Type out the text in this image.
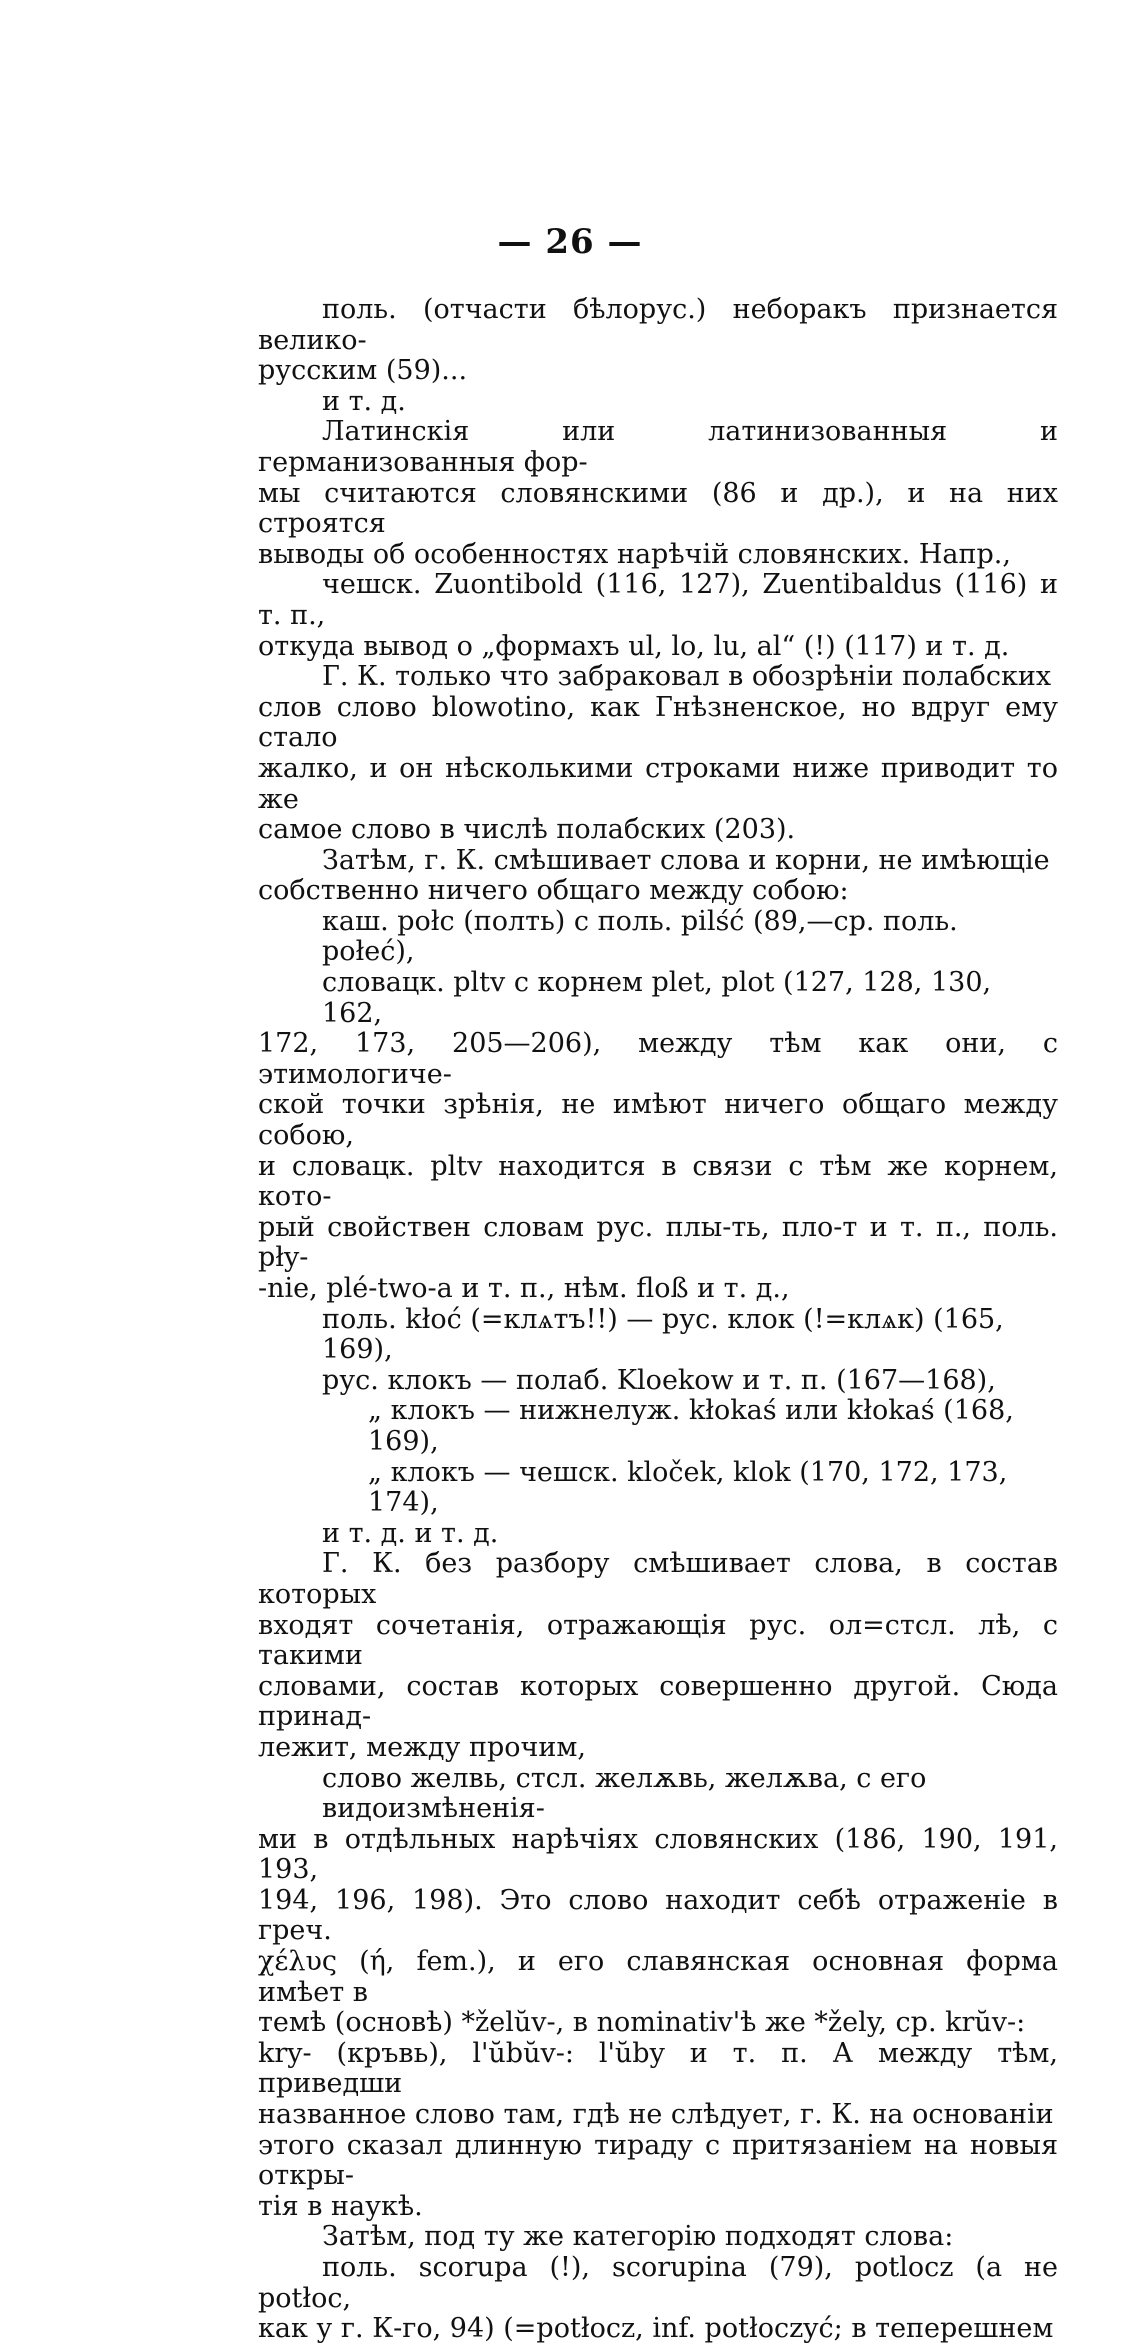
— 26 —

поль. (отчасти бѣлорус.) неборакъ признается велико-

русским (59)...

и т. д.

Латинскія или латинизованныя и германизованныя фор-

мы считаются словянскими (86 и др.), и на них строятся

выводы об особенностях нарѣчій словянских. Напр.,

чешск. Zuontibold (116, 127), Zuentibaldus (116) и т. п.,

откуда вывод о „формахъ ul, lo, lu, al“ (!) (117) и т. д.

Г. К. только что забраковал в обозрѣніи полабских

слов слово blowotino, как Гнѣзненское, но вдруг ему стало

жалко, и он нѣсколькими строками ниже приводит то же

самое слово в числѣ полабских (203).

Затѣм, г. К. смѣшивает слова и корни, не имѣющіе

собственно ничего общаго между собою:

каш. połc (полть) с поль. pilść (89,—ср. поль. połeć),

словацк. pltv с корнем plet, plot (127, 128, 130, 162,

172, 173, 205—206), между тѣм как они, с этимологиче-

ской точки зрѣнія, не имѣют ничего общаго между собою,

и словацк. pltv находится в связи с тѣм же корнем, кото-

рый свойствен словам рус. плы-ть, пло-т и т. п., поль. pły-

-nie, plé-two-a и т. п., нѣм. floß и т. д.,

поль. kłoć (=клѧтъ!!) — рус. клок (!=клѧк) (165, 169),

рус. клокъ — полаб. Kloekow и т. п. (167—168),

„ клокъ — нижнелуж. kłokaś или kłokaś (168, 169),

„ клокъ — чешск. kloček, klok (170, 172, 173, 174),

и т. д. и т. д.

Г. К. без разбору смѣшивает слова, в состав которых

входят сочетанія, отражающія рус. ол=стсл. лѣ, с такими

словами, состав которых совершенно другой. Сюда принад-

лежит, между прочим,

слово желвь, стсл. желѫвь, желѫва, с его видоизмѣненія-

ми в отдѣльных нарѣчіях словянских (186, 190, 191, 193,

194, 196, 198). Это слово находит себѣ отраженіе в греч.

χέλυς (ή, fem.), и его славянская основная форма имѣет в

темѣ (основѣ) *želŭv-, в nominativ'ѣ же *žely, ср. krŭv-:

kry- (кръвь), l'ŭbŭv-: l'ŭby и т. п. А между тѣм, приведши

названное слово там, гдѣ не слѣдует, г. К. на основаніи

этого сказал длинную тираду с притязаніем на новыя откры-

тія в наукѣ.

Затѣм, под ту же категорію подходят слова:

поль. scorupa (!), scorupina (79), potlocz (а не potłoc,

как у г. К-го, 94) (=potłocz, inf. potłoczyć; в теперешнем
